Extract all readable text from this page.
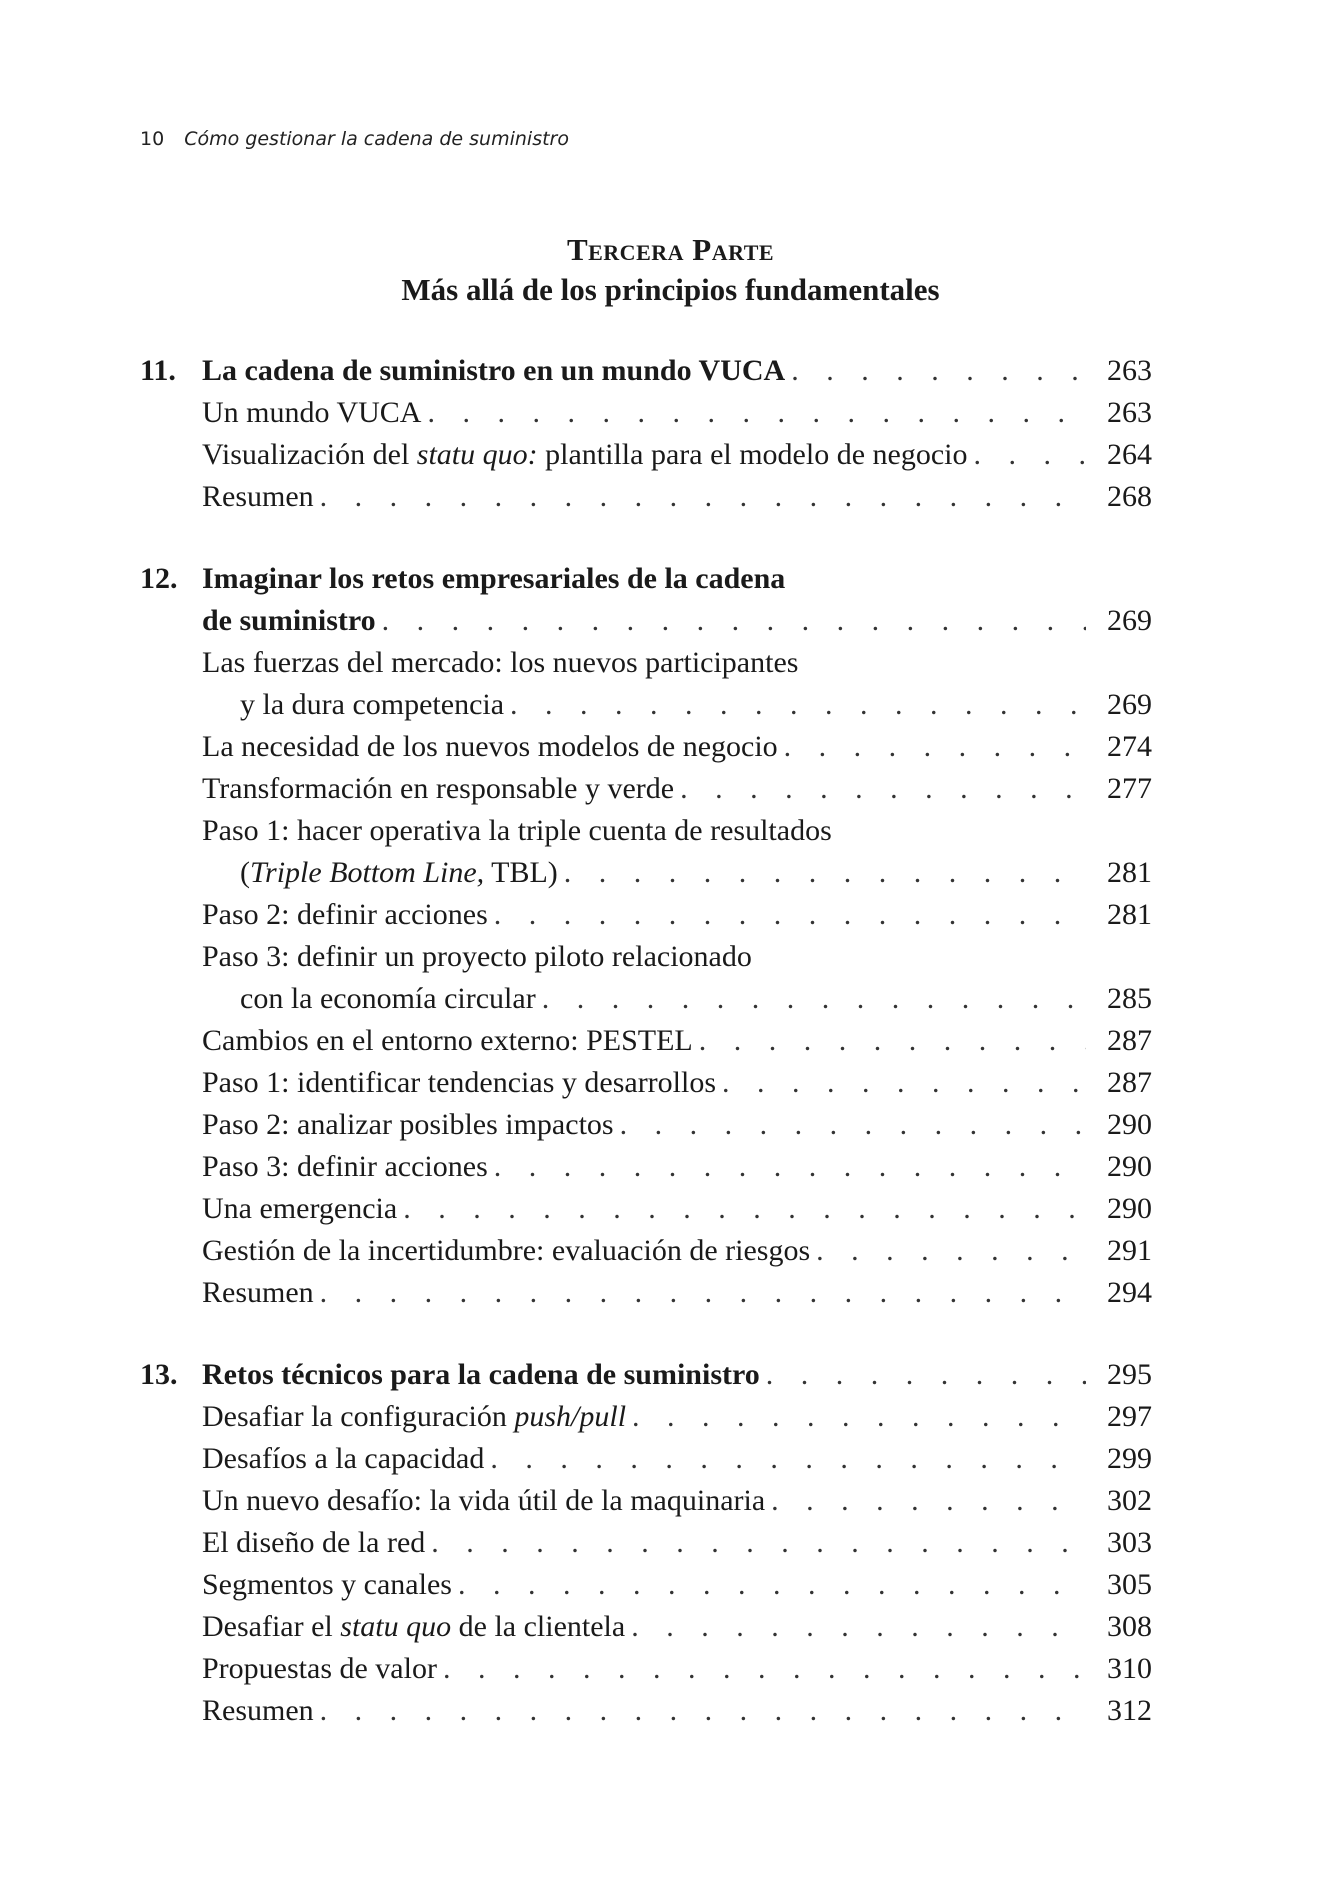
10 Cómo gestionar la cadena de suministro
Tercera Parte
Más allá de los principios fundamentales
11. La cadena de suministro en un mundo VUCA . . .	263
Un mundo VUCA . . .	263
Visualización del statu quo: plantilla para el modelo de negocio . . .	264
Resumen . . .	268
12. Imaginar los retos empresariales de la cadena
de suministro . . .	269
Las fuerzas del mercado: los nuevos participantes
y la dura competencia . . .	269
La necesidad de los nuevos modelos de negocio . . .	274
Transformación en responsable y verde . . .	277
Paso 1: hacer operativa la triple cuenta de resultados
(Triple Bottom Line, TBL) . . .	281
Paso 2: definir acciones . . .	281
Paso 3: definir un proyecto piloto relacionado
con la economía circular . . .	285
Cambios en el entorno externo: PESTEL . . .	287
Paso 1: identificar tendencias y desarrollos . . .	287
Paso 2: analizar posibles impactos . . .	290
Paso 3: definir acciones . . .	290
Una emergencia . . .	290
Gestión de la incertidumbre: evaluación de riesgos . . .	291
Resumen . . .	294
13. Retos técnicos para la cadena de suministro . . .	295
Desafiar la configuración push/pull . . .	297
Desafíos a la capacidad . . .	299
Un nuevo desafío: la vida útil de la maquinaria . . .	302
El diseño de la red . . .	303
Segmentos y canales . . .	305
Desafiar el statu quo de la clientela . . .	308
Propuestas de valor . . .	310
Resumen . . .	312
